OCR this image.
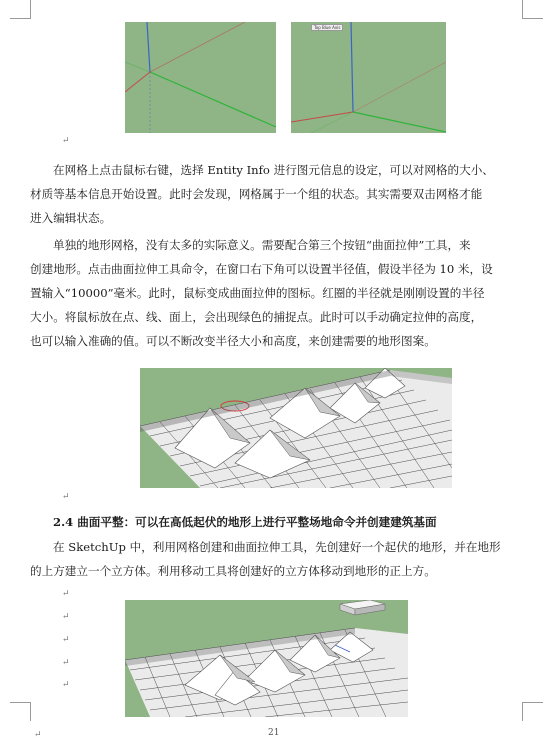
Top Blue Axis
↵
在网格上点击鼠标右键，选择 Entity Info 进行图元信息的设定，可以对网格的大小、
材质等基本信息开始设置。此时会发现，网格属于一个组的状态。其实需要双击网格才能
进入编辑状态。
单独的地形网格，没有太多的实际意义。需要配合第三个按钮“曲面拉伸”工具，来
创建地形。点击曲面拉伸工具命令，在窗口右下角可以设置半径值，假设半径为 10 米，设
置输入“10000”毫米。此时，鼠标变成曲面拉伸的图标。红圈的半径就是刚刚设置的半径
大小。将鼠标放在点、线、面上，会出现绿色的捕捉点。此时可以手动确定拉伸的高度，
也可以输入准确的值。可以不断改变半径大小和高度，来创建需要的地形图案。
↵
2.4 曲面平整：可以在高低起伏的地形上进行平整场地命令并创建建筑基面
在 SketchUp 中，利用网格创建和曲面拉伸工具，先创建好一个起伏的地形，并在地形
的上方建立一个立方体。利用移动工具将创建好的立方体移动到地形的正上方。
↵
↵
↵
↵
↵
↵	21
